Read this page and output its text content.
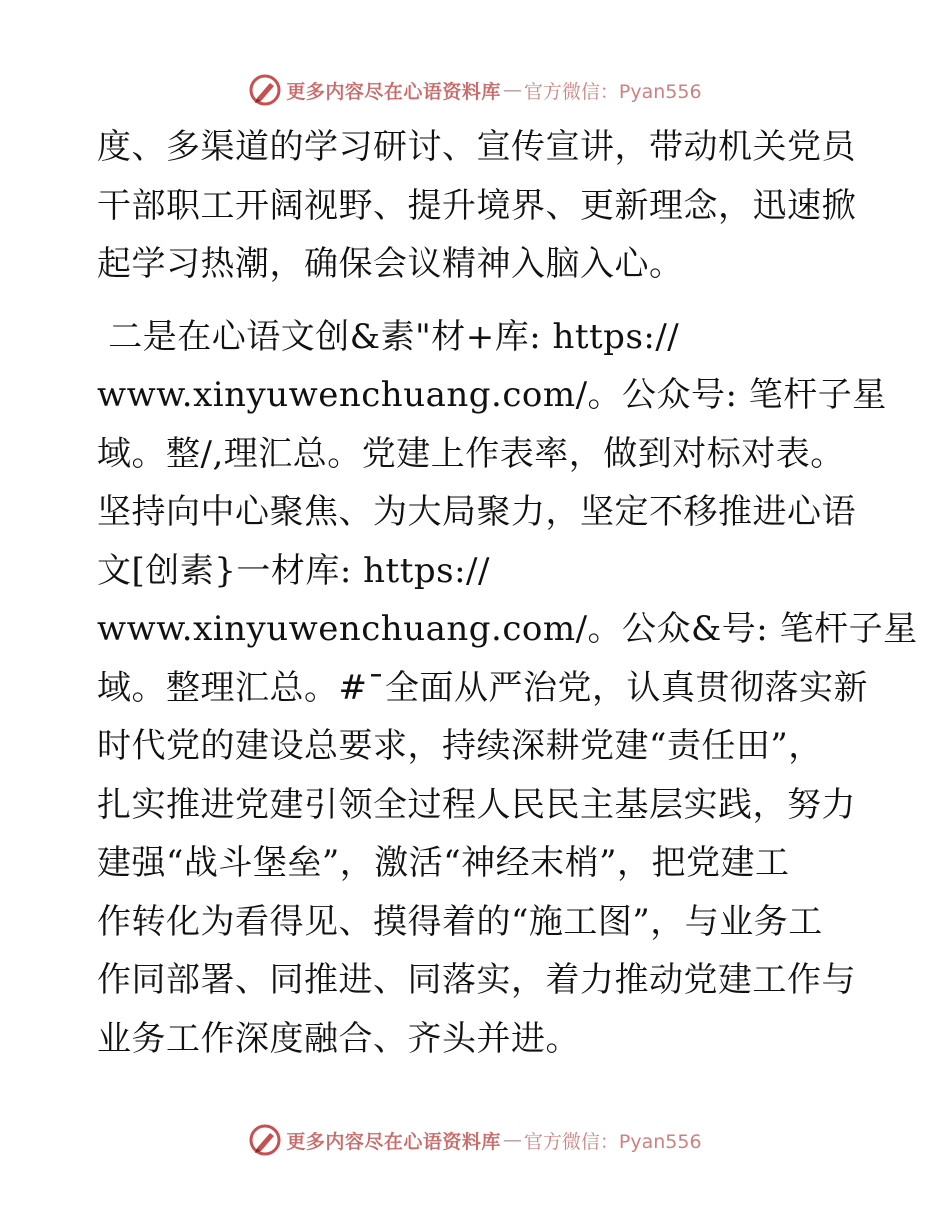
更多内容尽在心语资料库 — 官方微信：Pyan556
度、多渠道的学习研讨、宣传宣讲，带动机关党员
干部职工开阔视野、提升境界、更新理念，迅速掀
起学习热潮，确保会议精神入脑入心。
二是在心语文创&素"材+库: https://
www.xinyuwenchuang.com/。公众号: 笔杆子星
域。整/,理汇总。党建上作表率，做到对标对表。
坚持向中心聚焦、为大局聚力，坚定不移推进心语
文[创素}一材库: https://
www.xinyuwenchuang.com/。公众&号: 笔杆子星
域。整理汇总。#¯全面从严治党，认真贯彻落实新
时代党的建设总要求，持续深耕党建“责任田”，
扎实推进党建引领全过程人民民主基层实践，努力
建强“战斗堡垒”，激活“神经末梢”，把党建工
作转化为看得见、摸得着的“施工图”，与业务工
作同部署、同推进、同落实，着力推动党建工作与
业务工作深度融合、齐头并进。
更多内容尽在心语资料库 — 官方微信：Pyan556
